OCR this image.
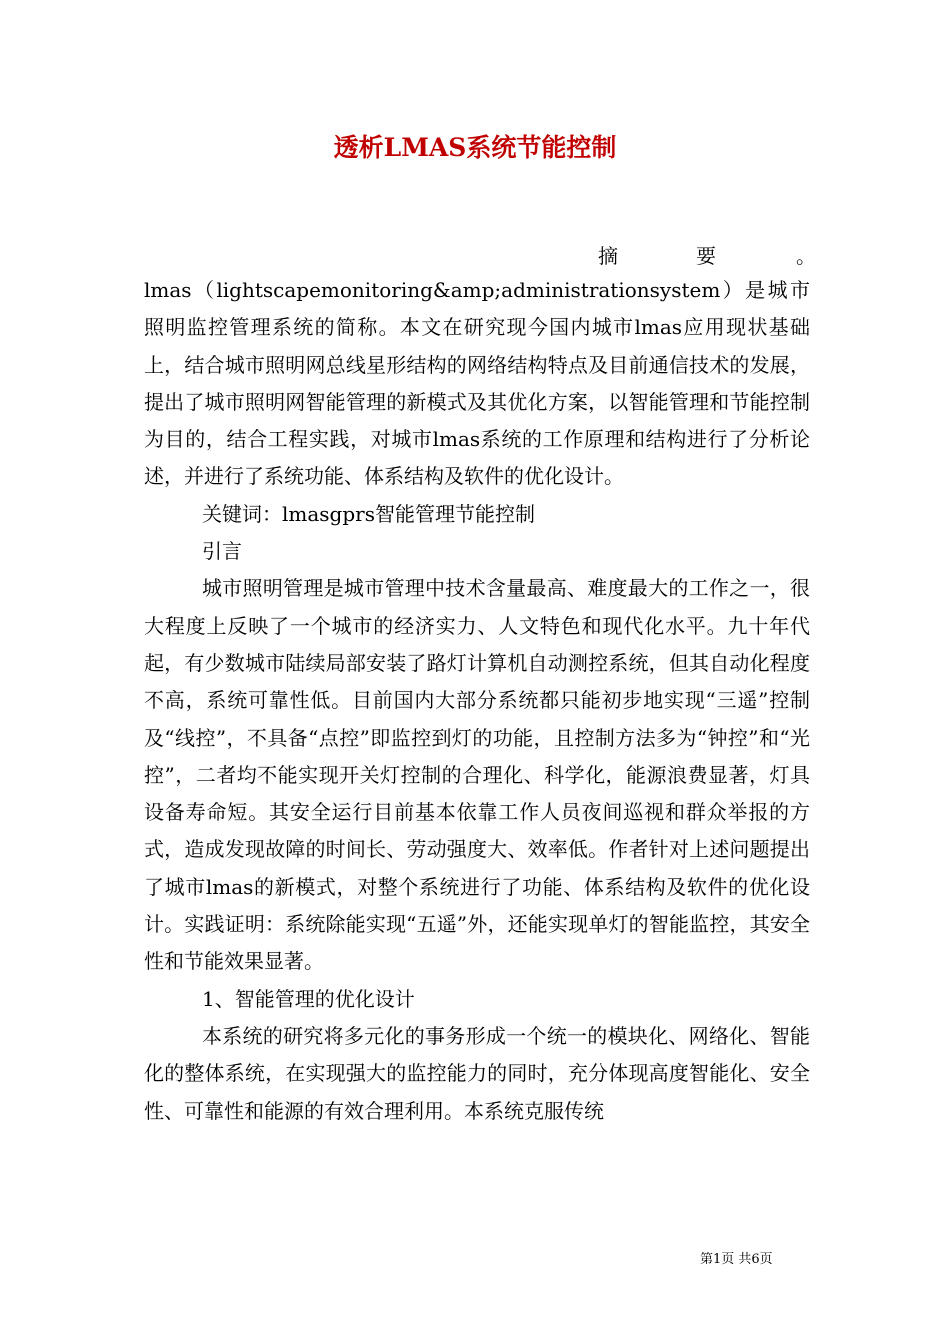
透析LMAS系统节能控制
摘	要	。

lmas（lightscapemonitoring&amp;administrationsystem）是城市照明监控管理系统的简称。本文在研究现今国内城市lmas应用现状基础上，结合城市照明网总线星形结构的网络结构特点及目前通信技术的发展，提出了城市照明网智能管理的新模式及其优化方案，以智能管理和节能控制为目的，结合工程实践，对城市lmas系统的工作原理和结构进行了分析论述，并进行了系统功能、体系结构及软件的优化设计。

关键词：lmasgprs智能管理节能控制

引言

城市照明管理是城市管理中技术含量最高、难度最大的工作之一，很大程度上反映了一个城市的经济实力、人文特色和现代化水平。九十年代起，有少数城市陆续局部安装了路灯计算机自动测控系统，但其自动化程度不高，系统可靠性低。目前国内大部分系统都只能初步地实现“三遥”控制及“线控”，不具备“点控”即监控到灯的功能，且控制方法多为“钟控”和“光控”，二者均不能实现开关灯控制的合理化、科学化，能源浪费显著，灯具设备寿命短。其安全运行目前基本依靠工作人员夜间巡视和群众举报的方式，造成发现故障的时间长、劳动强度大、效率低。作者针对上述问题提出了城市lmas的新模式，对整个系统进行了功能、体系结构及软件的优化设计。实践证明：系统除能实现“五遥”外，还能实现单灯的智能监控，其安全性和节能效果显著。

1、智能管理的优化设计

本系统的研究将多元化的事务形成一个统一的模块化、网络化、智能化的整体系统，在实现强大的监控能力的同时，充分体现高度智能化、安全性、可靠性和能源的有效合理利用。本系统克服传统

第1页 共6页
